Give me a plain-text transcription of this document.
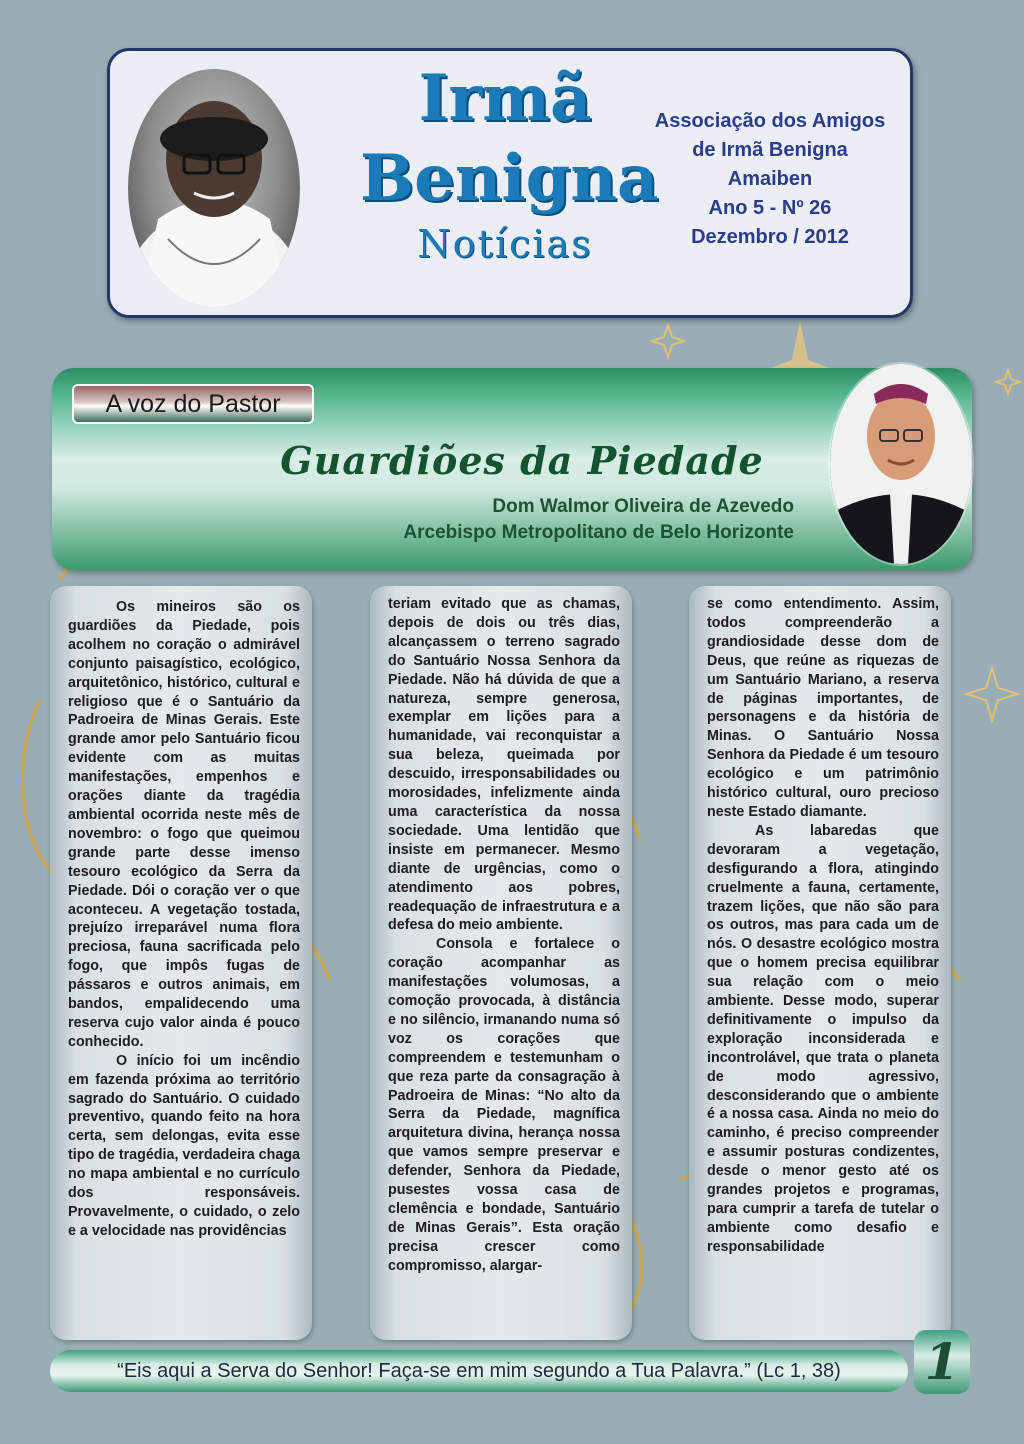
Irmã
Benigna
Notícias
Associação dos Amigos
de Irmã Benigna
Amaiben
Ano 5 - Nº 26
Dezembro / 2012
A voz do Pastor
Guardiões da Piedade
Dom Walmor Oliveira de Azevedo
Arcebispo Metropolitano de Belo Horizonte

Os mineiros são os guardiões da Piedade, pois acolhem no coração o admirável conjunto paisagístico, ecológico, arquitetônico, histórico, cultural e religioso que é o Santuário da Padroeira de Minas Gerais. Este grande amor pelo Santuário ficou evidente com as muitas manifestações, empenhos e orações diante da tragédia ambiental ocorrida neste mês de novembro: o fogo que queimou grande parte desse imenso tesouro ecológico da Serra da Piedade. Dói o coração ver o que aconteceu. A vegetação tostada, prejuízo irreparável numa flora preciosa, fauna sacrificada pelo fogo, que impôs fugas de pássaros e outros animais, em bandos, empalidecendo uma reserva cujo valor ainda é pouco conhecido.

O início foi um incêndio em fazenda próxima ao território sagrado do Santuário. O cuidado preventivo, quando feito na hora certa, sem delongas, evita esse tipo de tragédia, verdadeira chaga no mapa ambiental e no currículo dos responsáveis. Provavelmente, o cuidado, o zelo e a velocidade nas providências

teriam evitado que as chamas, depois de dois ou três dias, alcançassem o terreno sagrado do Santuário Nossa Senhora da Piedade. Não há dúvida de que a natureza, sempre generosa, exemplar em lições para a humanidade, vai reconquistar a sua beleza, queimada por descuido, irresponsabilidades ou morosidades, infelizmente ainda uma característica da nossa sociedade. Uma lentidão que insiste em permanecer. Mesmo diante de urgências, como o atendimento aos pobres, readequação de infraestrutura e a defesa do meio ambiente.

Consola e fortalece o coração acompanhar as manifestações volumosas, a comoção provocada, à distância e no silêncio, irmanando numa só voz os corações que compreendem e testemunham o que reza parte da consagração à Padroeira de Minas: “No alto da Serra da Piedade, magnífica arquitetura divina, herança nossa que vamos sempre preservar e defender, Senhora da Piedade, pusestes vossa casa de clemência e bondade, Santuário de Minas Gerais”. Esta oração precisa crescer como compromisso, alargar-

se como entendimento. Assim, todos compreenderão a grandiosidade desse dom de Deus, que reúne as riquezas de um Santuário Mariano, a reserva de páginas importantes, de personagens e da história de Minas. O Santuário Nossa Senhora da Piedade é um tesouro ecológico e um patrimônio histórico cultural, ouro precioso neste Estado diamante.

As labaredas que devoraram a vegetação, desfigurando a flora, atingindo cruelmente a fauna, certamente, trazem lições, que não são para os outros, mas para cada um de nós. O desastre ecológico mostra que o homem precisa equilibrar sua relação com o meio ambiente. Desse modo, superar definitivamente o impulso da exploração inconsiderada e incontrolável, que trata o planeta de modo agressivo, desconsiderando que o ambiente é a nossa casa. Ainda no meio do caminho, é preciso compreender e assumir posturas condizentes, desde o menor gesto até os grandes projetos e programas, para cumprir a tarefa de tutelar o ambiente como desafio e responsabilidade

“Eis aqui a Serva do Senhor! Faça-se em mim segundo a Tua Palavra.” (Lc 1, 38)	1
